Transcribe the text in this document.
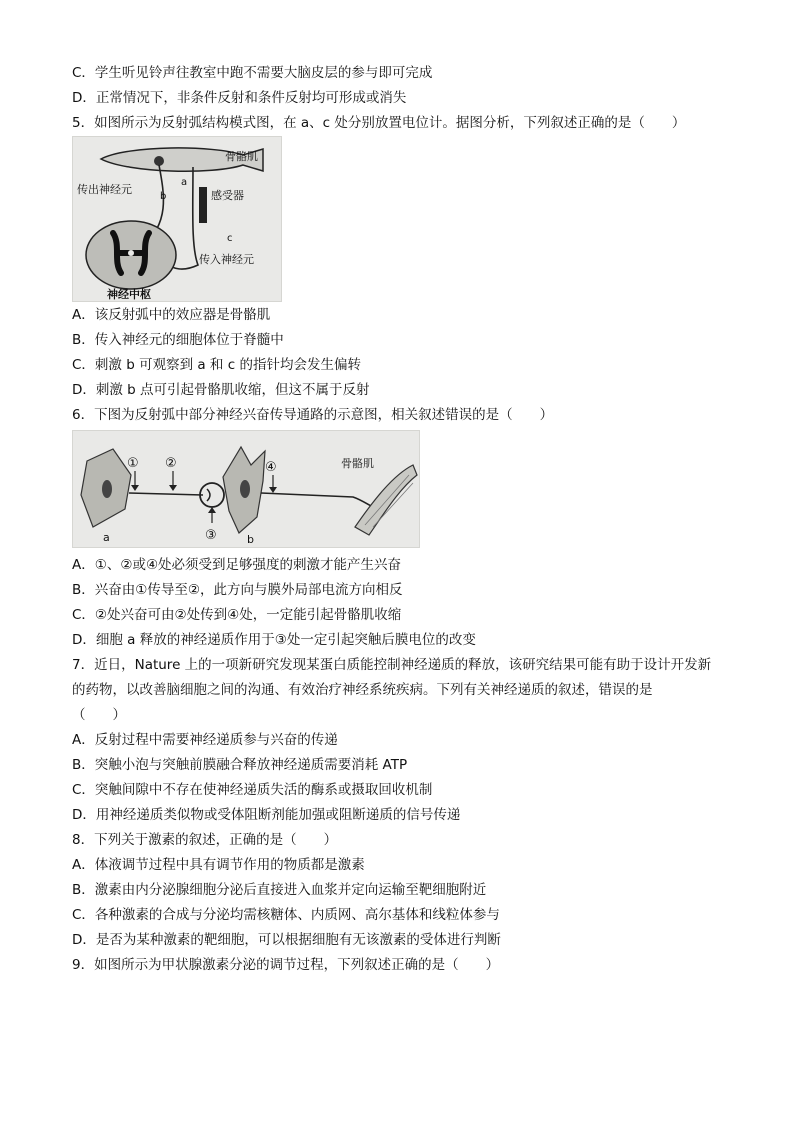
C．学生听见铃声往教室中跑不需要大脑皮层的参与即可完成
D．正常情况下，非条件反射和条件反射均可形成或消失
5．如图所示为反射弧结构模式图，在 a、c 处分别放置电位计。据图分析，下列叙述正确的是（　　）
骨骼肌
传出神经元	感受器
传入神经元
神经中枢
a
b
c
A．该反射弧中的效应器是骨骼肌
B．传入神经元的细胞体位于脊髓中
C．刺激 b 可观察到 a 和 c 的指针均会发生偏转
D．刺激 b 点可引起骨骼肌收缩，但这不属于反射
6．下图为反射弧中部分神经兴奋传导通路的示意图，相关叙述错误的是（　　）
① ②
③
④
a	b
骨骼肌
A．①、②或④处必须受到足够强度的刺激才能产生兴奋
B．兴奋由①传导至②，此方向与膜外局部电流方向相反
C．②处兴奋可由②处传到④处，一定能引起骨骼肌收缩
D．细胞 a 释放的神经递质作用于③处一定引起突触后膜电位的改变
7．近日，Nature 上的一项新研究发现某蛋白质能控制神经递质的释放，该研究结果可能有助于设计开发新
的药物，以改善脑细胞之间的沟通、有效治疗神经系统疾病。下列有关神经递质的叙述，错误的是
（　　）
A．反射过程中需要神经递质参与兴奋的传递
B．突触小泡与突触前膜融合释放神经递质需要消耗 ATP
C．突触间隙中不存在使神经递质失活的酶系或摄取回收机制
D．用神经递质类似物或受体阻断剂能加强或阻断递质的信号传递
8．下列关于激素的叙述，正确的是（　　）
A．体液调节过程中具有调节作用的物质都是激素
B．激素由内分泌腺细胞分泌后直接进入血浆并定向运输至靶细胞附近
C．各种激素的合成与分泌均需核糖体、内质网、高尔基体和线粒体参与
D．是否为某种激素的靶细胞，可以根据细胞有无该激素的受体进行判断
9．如图所示为甲状腺激素分泌的调节过程，下列叙述正确的是（　　）
